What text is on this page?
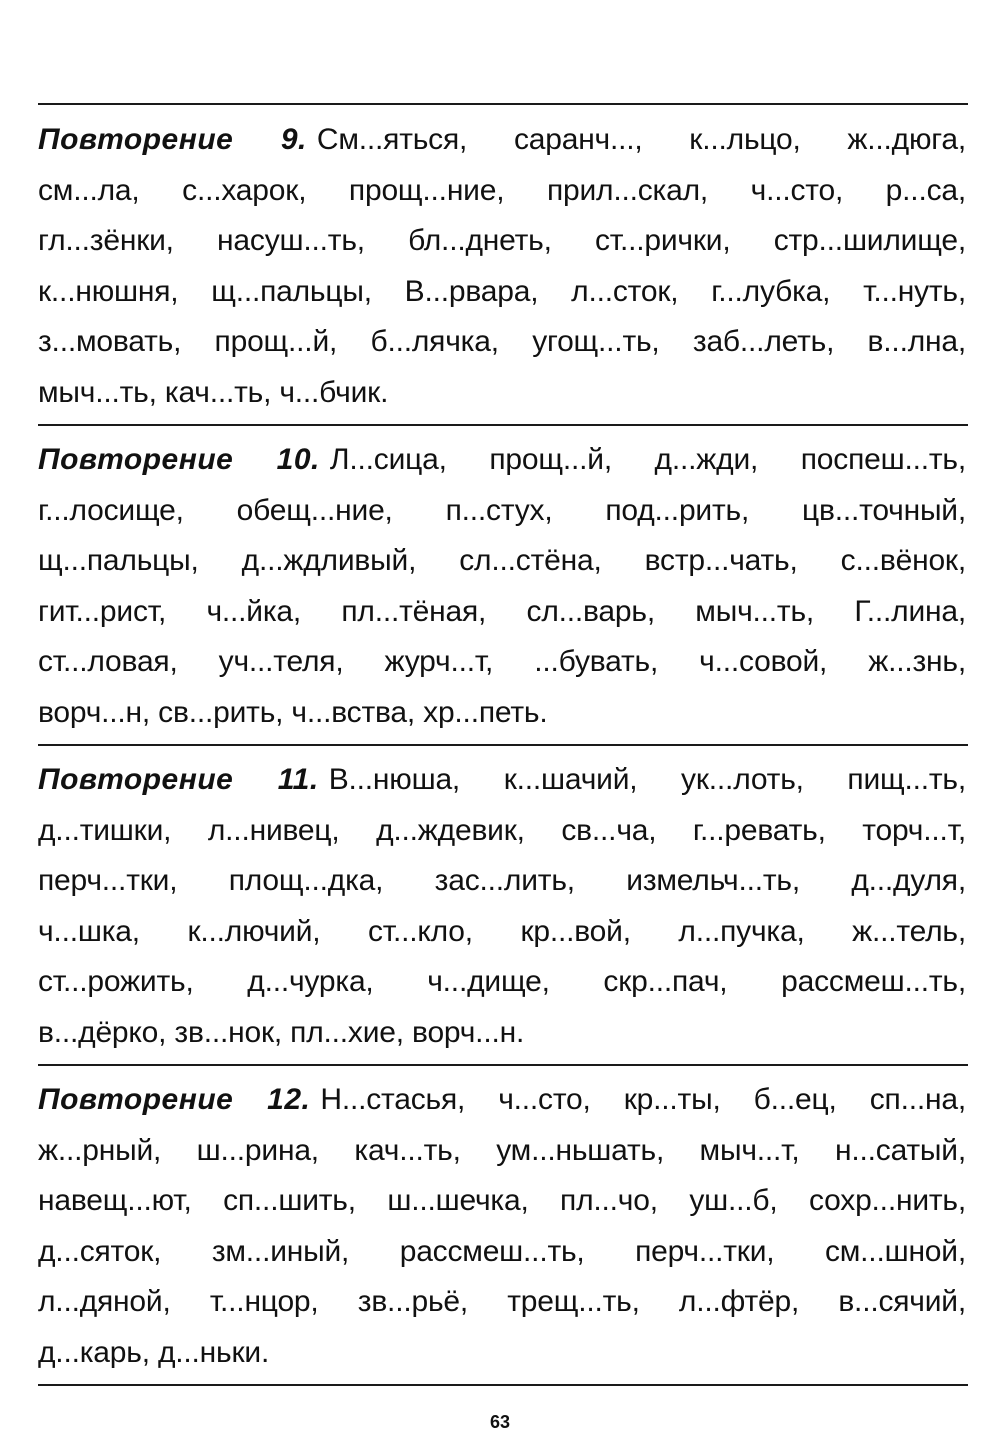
Повторение 9. См...яться, саранч..., к...льцо, ж...дюга,
см...ла, с...харок, прощ...ние, прил...скал, ч...сто, р...са,
гл...зёнки, насуш...ть, бл...днеть, ст...рички, стр...шилище,
к...нюшня, щ...пальцы, В...рвара, л...сток, г...лубка, т...нуть,
з...мовать, прощ...й, б...лячка, угощ...ть, заб...леть, в...лна,
мыч...ть, кач...ть, ч...бчик.
Повторение 10. Л...сица, прощ...й, д...жди, поспеш...ть,
г...лосище, обещ...ние, п...стух, под...рить, цв...точный,
щ...пальцы, д...ждливый, сл...стёна, встр...чать, с...вёнок,
гит...рист, ч...йка, пл...тёная, сл...варь, мыч...ть, Г...лина,
ст...ловая, уч...теля, журч...т, ...бувать, ч...совой, ж...знь,
ворч...н, св...рить, ч...вства, хр...петь.
Повторение 11. В...нюша, к...шачий, ук...лоть, пищ...ть,
д...тишки, л...нивец, д...ждевик, св...ча, г...ревать, торч...т,
перч...тки, площ...дка, зас...лить, измельч...ть, д...дуля,
ч...шка, к...лючий, ст...кло, кр...вой, л...пучка, ж...тель,
ст...рожить, д...чурка, ч...дище, скр...пач, рассмеш...ть,
в...дёрко, зв...нок, пл...хие, ворч...н.
Повторение 12. Н...стасья, ч...сто, кр...ты, б...ец, сп...на,
ж...рный, ш...рина, кач...ть, ум...ньшать, мыч...т, н...сатый,
навещ...ют, сп...шить, ш...шечка, пл...чо, уш...б, сохр...нить,
д...сяток, зм...иный, рассмеш...ть, перч...тки, см...шной,
л...дяной, т...нцор, зв...рьё, трещ...ть, л...фтёр, в...сячий,
д...карь, д...ньки.
63
